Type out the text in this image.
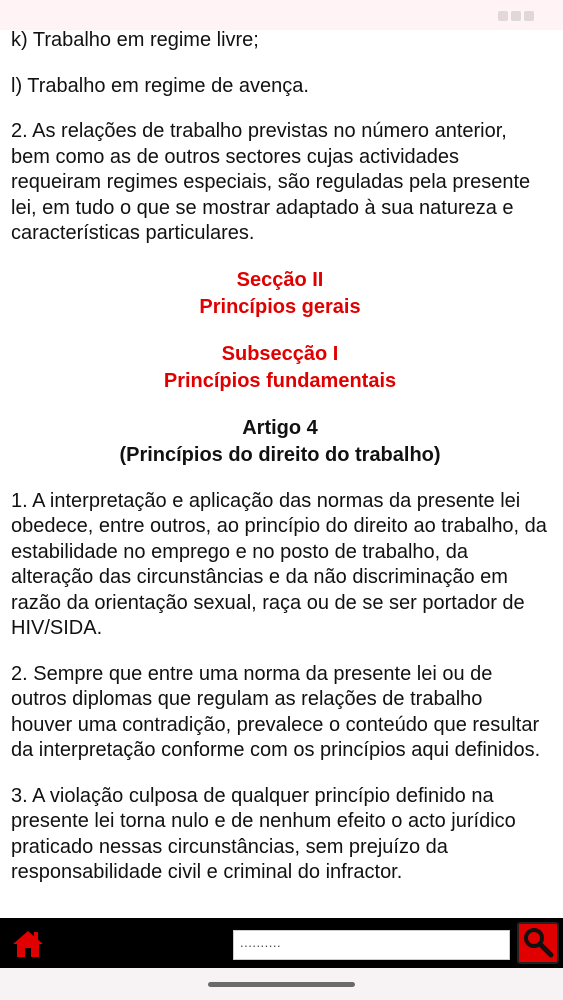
k) Trabalho em regime livre;

l) Trabalho em regime de avença.

2. As relações de trabalho previstas no número anterior, bem como as de outros sectores cujas actividades requeiram regimes especiais, são reguladas pela presente lei, em tudo o que se mostrar adaptado à sua natureza e características particulares.

Secção II
Princípios gerais
Subsecção I
Princípios fundamentais
Artigo 4
(Princípios do direito do trabalho)

1. A interpretação e aplicação das normas da presente lei obedece, entre outros, ao princípio do direito ao trabalho, da estabilidade no emprego e no posto de trabalho, da alteração das circunstâncias e da não discriminação em razão da orientação sexual, raça ou de se ser portador de HIV/SIDA.

2. Sempre que entre uma norma da presente lei ou de outros diplomas que regulam as relações de trabalho houver uma contradição, prevalece o conteúdo que resultar da interpretação conforme com os princípios aqui definidos.

3. A violação culposa de qualquer princípio definido na presente lei torna nulo e de nenhum efeito o acto jurídico praticado nessas circunstâncias, sem prejuízo da responsabilidade civil e criminal do infractor.

..........
